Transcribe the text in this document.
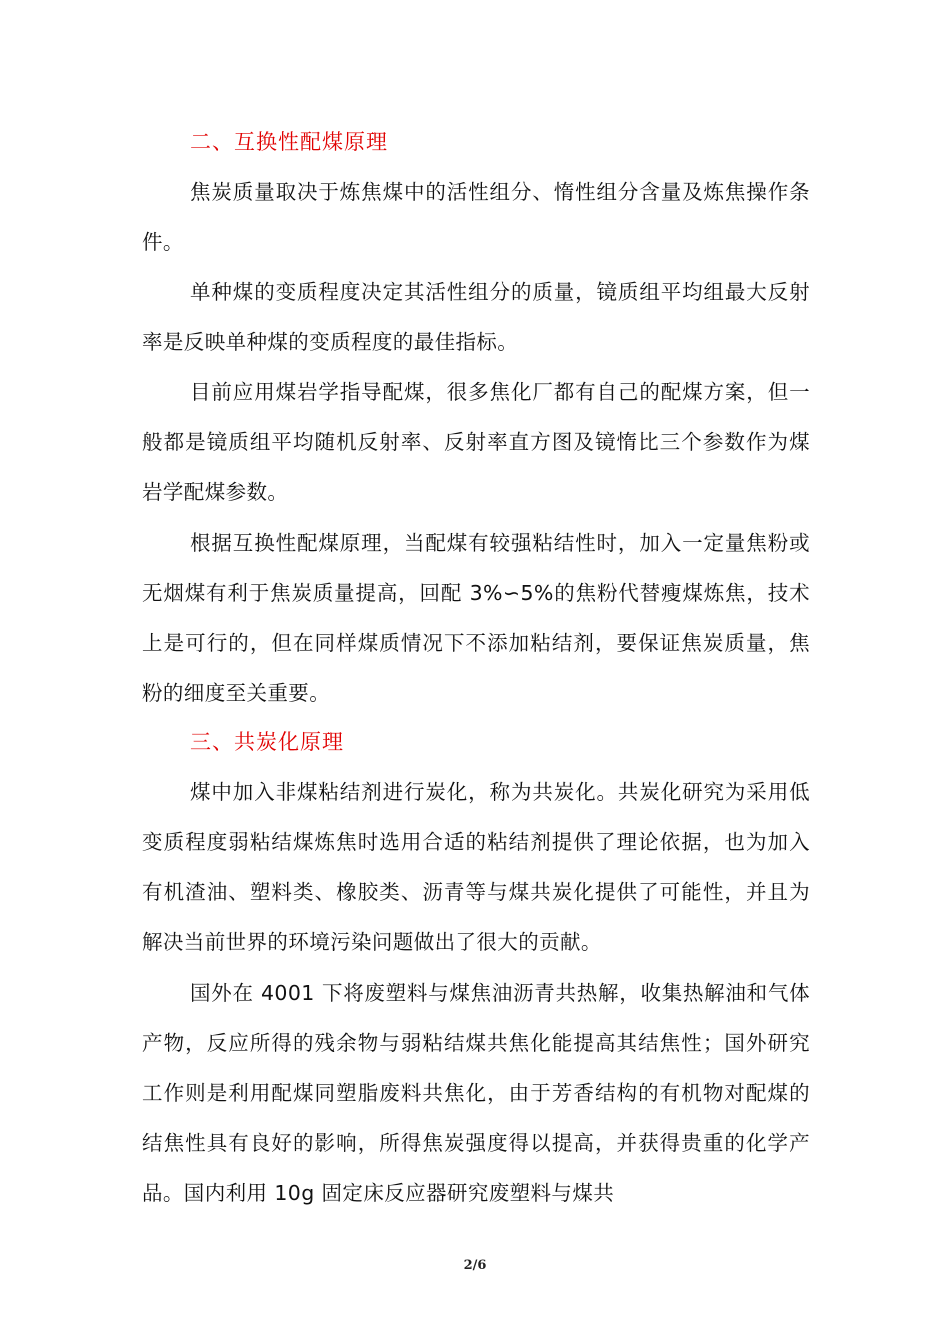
二、互换性配煤原理

焦炭质量取决于炼焦煤中的活性组分、惰性组分含量及炼焦操作条件。

单种煤的变质程度决定其活性组分的质量，镜质组平均组最大反射率是反映单种煤的变质程度的最佳指标。

目前应用煤岩学指导配煤，很多焦化厂都有自己的配煤方案，但一般都是镜质组平均随机反射率、反射率直方图及镜惰比三个参数作为煤岩学配煤参数。

根据互换性配煤原理，当配煤有较强粘结性时，加入一定量焦粉或无烟煤有利于焦炭质量提高，回配 3%∽5%的焦粉代替瘦煤炼焦，技术上是可行的，但在同样煤质情况下不添加粘结剂，要保证焦炭质量，焦粉的细度至关重要。

三、共炭化原理

煤中加入非煤粘结剂进行炭化，称为共炭化。共炭化研究为采用低变质程度弱粘结煤炼焦时选用合适的粘结剂提供了理论依据，也为加入有机渣油、塑料类、橡胶类、沥青等与煤共炭化提供了可能性，并且为解决当前世界的环境污染问题做出了很大的贡献。

国外在 4001 下将废塑料与煤焦油沥青共热解，收集热解油和气体产物，反应所得的残余物与弱粘结煤共焦化能提高其结焦性；国外研究工作则是利用配煤同塑脂废料共焦化，由于芳香结构的有机物对配煤的结焦性具有良好的影响，所得焦炭强度得以提高，并获得贵重的化学产品。国内利用 10g 固定床反应器研究废塑料与煤共

2/6
